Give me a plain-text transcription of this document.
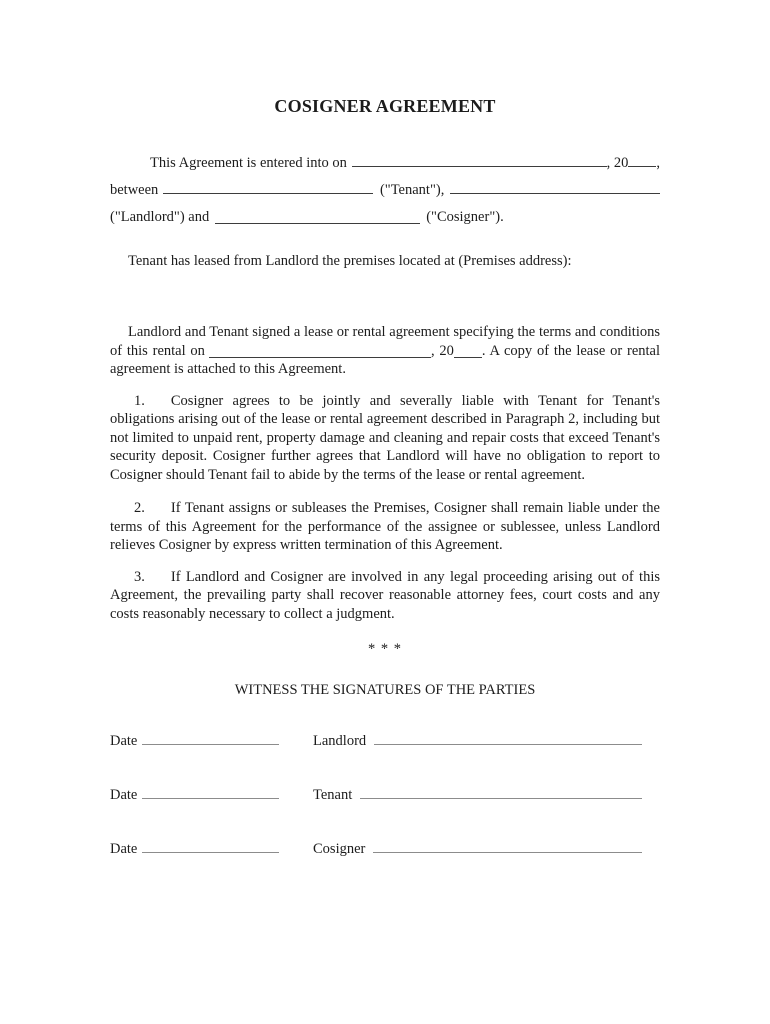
COSIGNER AGREEMENT
This Agreement is entered into on	, 20 ,
between	("Tenant"),
("Landlord") and	("Cosigner").

Tenant has leased from Landlord the premises located at (Premises address):

Landlord and Tenant signed a lease or rental agreement specifying the terms and conditions of this rental on	, 20 . A copy of the lease or rental agreement is attached to this Agreement.

1. Cosigner agrees to be jointly and severally liable with Tenant for Tenant's obligations arising out of the lease or rental agreement described in Paragraph 2, including but not limited to unpaid rent, property damage and cleaning and repair costs that exceed Tenant's security deposit. Cosigner further agrees that Landlord will have no obligation to report to Cosigner should Tenant fail to abide by the terms of the lease or rental agreement.

2. If Tenant assigns or subleases the Premises, Cosigner shall remain liable under the terms of this Agreement for the performance of the assignee or sublessee, unless Landlord relieves Cosigner by express written termination of this Agreement.

3. If Landlord and Cosigner are involved in any legal proceeding arising out of this Agreement, the prevailing party shall recover reasonable attorney fees, court costs and any costs reasonably necessary to collect a judgment.

* * *
WITNESS THE SIGNATURES OF THE PARTIES
Date	Landlord
Date	Tenant
Date	Cosigner
